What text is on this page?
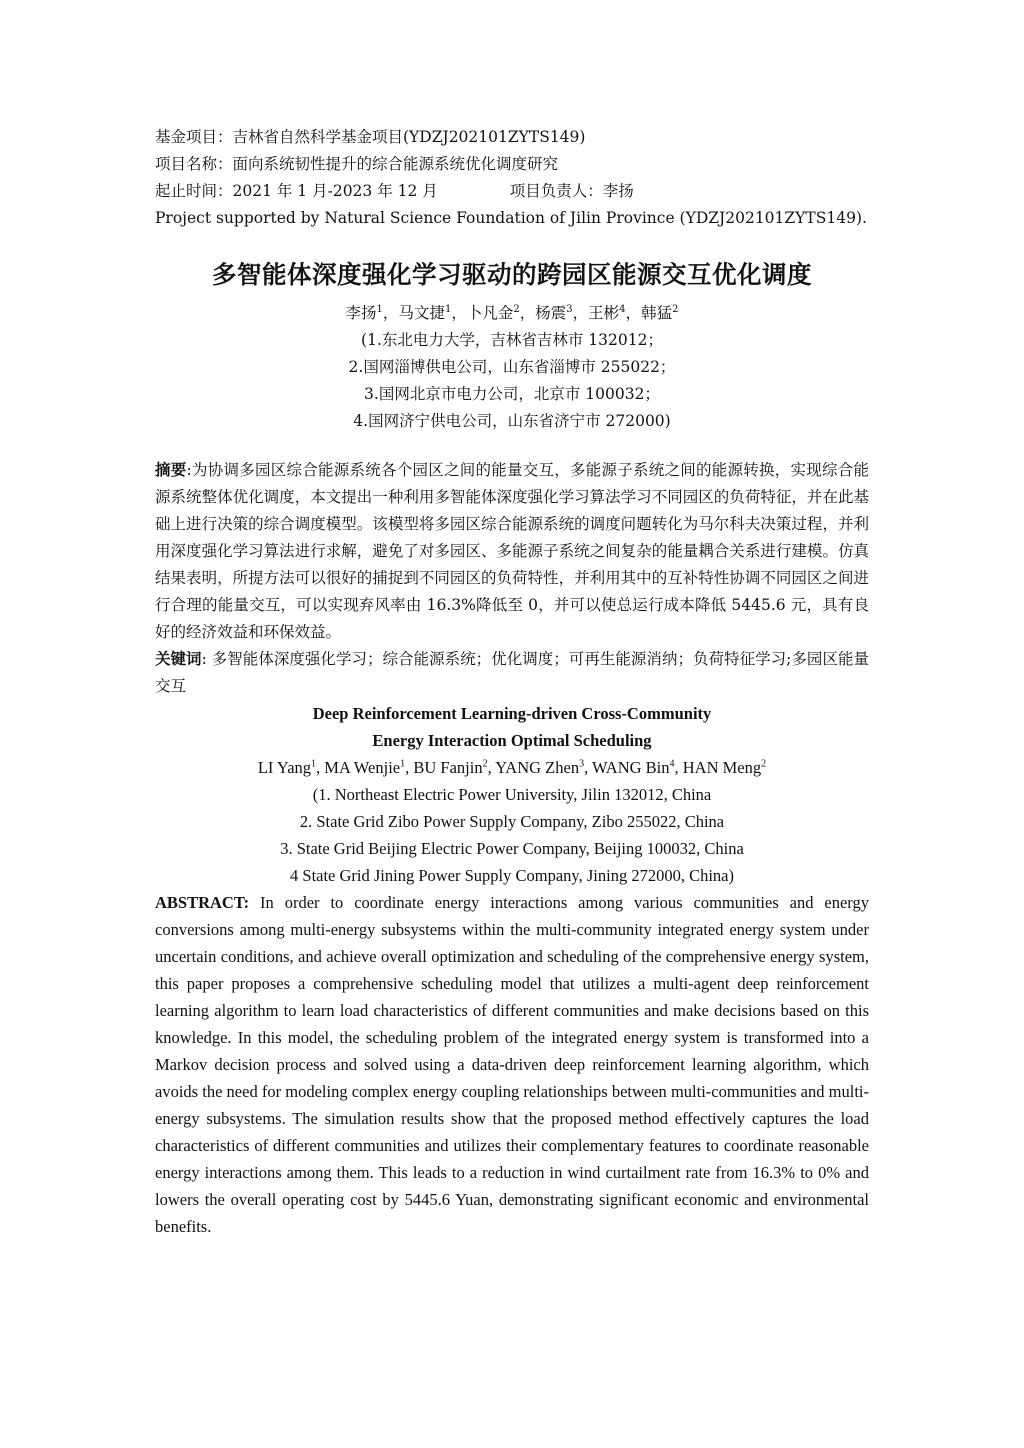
基金项目：吉林省自然科学基金项目(YDZJ202101ZYTS149)
项目名称：面向系统韧性提升的综合能源系统优化调度研究
起止时间：2021 年 1 月-2023 年 12 月	项目负责人：李扬
Project supported by Natural Science Foundation of Jilin Province (YDZJ202101ZYTS149).
多智能体深度强化学习驱动的跨园区能源交互优化调度
李扬$^1$，马文捷$^1$，卜凡金$^2$，杨震$^3$，王彬$^4$，韩猛$^2$
(1.东北电力大学，吉林省吉林市 132012；
2.国网淄博供电公司，山东省淄博市 255022；
3.国网北京市电力公司，北京市 100032；
4.国网济宁供电公司，山东省济宁市 272000)
摘要:为协调多园区综合能源系统各个园区之间的能量交互，多能源子系统之间的能源转换，实现综合能源系统整体优化调度，本文提出一种利用多智能体深度强化学习算法学习不同园区的负荷特征，并在此基础上进行决策的综合调度模型。该模型将多园区综合能源系统的调度问题转化为马尔科夫决策过程，并利用深度强化学习算法进行求解，避免了对多园区、多能源子系统之间复杂的能量耦合关系进行建模。仿真结果表明，所提方法可以很好的捕捉到不同园区的负荷特性，并利用其中的互补特性协调不同园区之间进行合理的能量交互，可以实现弃风率由 16.3%降低至 0，并可以使总运行成本降低 5445.6 元，具有良好的经济效益和环保效益。
关键词: 多智能体深度强化学习；综合能源系统；优化调度；可再生能源消纳；负荷特征学习;多园区能量交互
Deep Reinforcement Learning-driven Cross-Community
Energy Interaction Optimal Scheduling
LI Yang$^1$, MA Wenjie$^1$, BU Fanjin$^2$, YANG Zhen$^3$, WANG Bin$^4$, HAN Meng$^2$
(1. Northeast Electric Power University, Jilin 132012, China
2. State Grid Zibo Power Supply Company, Zibo 255022, China
3. State Grid Beijing Electric Power Company, Beijing 100032, China
4 State Grid Jining Power Supply Company, Jining 272000, China)
ABSTRACT: In order to coordinate energy interactions among various communities and energy conversions among multi-energy subsystems within the multi-community integrated energy system under uncertain conditions, and achieve overall optimization and scheduling of the comprehensive energy system, this paper proposes a comprehensive scheduling model that utilizes a multi-agent deep reinforcement learning algorithm to learn load characteristics of different communities and make decisions based on this knowledge. In this model, the scheduling problem of the integrated energy system is transformed into a Markov decision process and solved using a data-driven deep reinforcement learning algorithm, which avoids the need for modeling complex energy coupling relationships between multi-communities and multi-energy subsystems. The simulation results show that the proposed method effectively captures the load characteristics of different communities and utilizes their complementary features to coordinate reasonable energy interactions among them. This leads to a reduction in wind curtailment rate from 16.3% to 0% and lowers the overall operating cost by 5445.6 Yuan, demonstrating significant economic and environmental benefits.
